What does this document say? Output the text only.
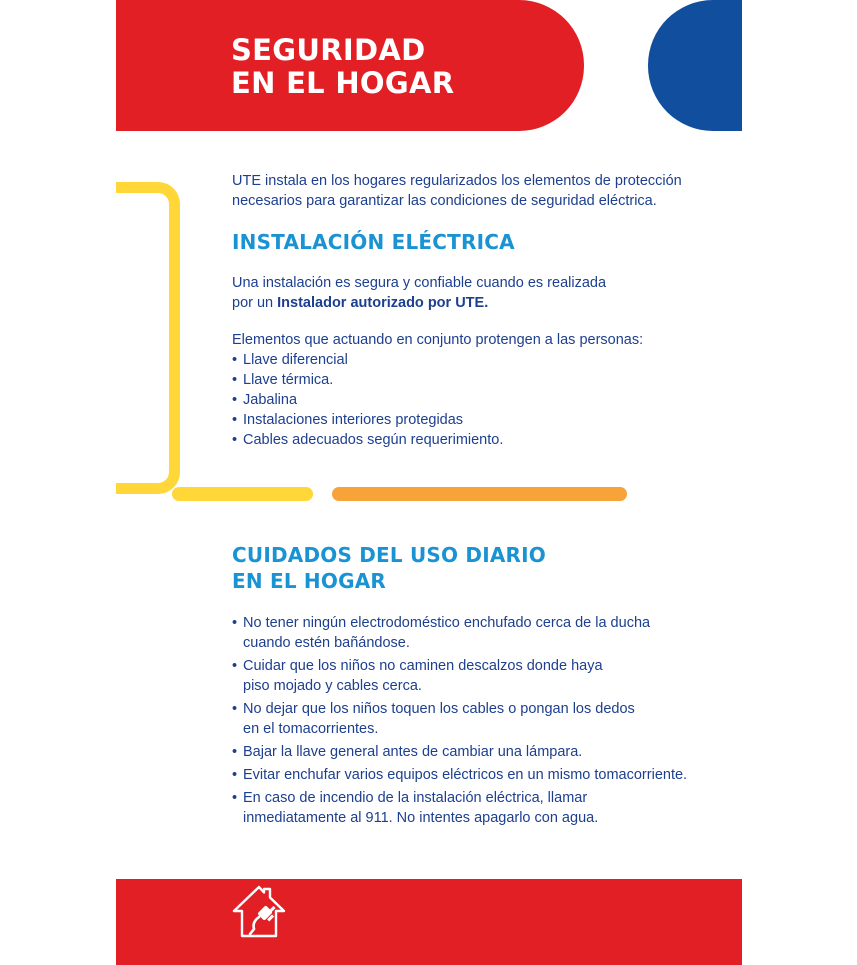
SEGURIDAD
EN EL HOGAR

UTE instala en los hogares regularizados los elementos de protección

necesarios para garantizar las condiciones de seguridad eléctrica.

INSTALACIÓN ELÉCTRICA

Una instalación es segura y confiable cuando es realizada

por un Instalador autorizado por UTE.

Elementos que actuando en conjunto protengen a las personas:

• Llave diferencial
• Llave térmica.
• Jabalina
• Instalaciones interiores protegidas
• Cables adecuados según requerimiento.
CUIDADOS DEL USO DIARIO
EN EL HOGAR
• No tener ningún electrodoméstico enchufado cerca de la ducha
cuando estén bañándose.
• Cuidar que los niños no caminen descalzos donde haya
piso mojado y cables cerca.
• No dejar que los niños toquen los cables o pongan los dedos
en el tomacorrientes.
• Bajar la llave general antes de cambiar una lámpara.
• Evitar enchufar varios equipos eléctricos en un mismo tomacorriente.
• En caso de incendio de la instalación eléctrica, llamar
inmediatamente al 911. No intentes apagarlo con agua.
